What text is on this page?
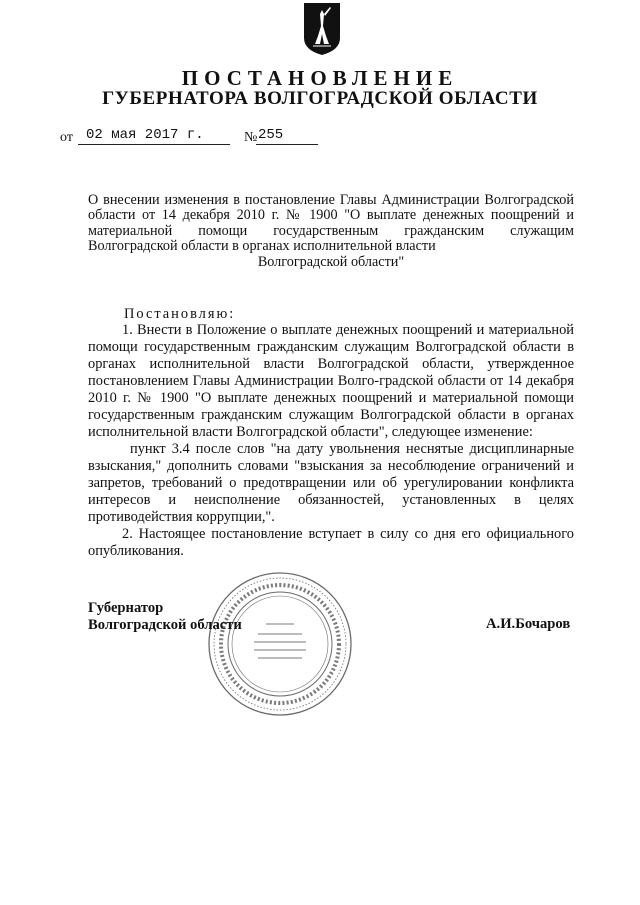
ПОСТАНОВЛЕНИЕ
ГУБЕРНАТОРА ВОЛГОГРАДСКОЙ ОБЛАСТИ
от 02 мая 2017 г.	№ 255
О внесении изменения в постановление Главы Администрации Волгоградской области от 14 декабря 2010 г. № 1900 "О выплате денежных поощрений и материальной помощи государственным гражданским служащим Волгоградской области в органах исполнительной власти
Волгоградской области"
Постановляю:

1. Внести в Положение о выплате денежных поощрений и материальной помощи государственным гражданским служащим Волгоградской области в органах исполнительной власти Волгоградской области, утвержденное постановлением Главы Администрации Волго-градской области от 14 декабря 2010 г. № 1900 "О выплате денежных поощрений и материальной помощи государственным гражданским служащим Волгоградской области в органах исполнительной власти Волгоградской области", следующее изменение:

пункт 3.4 после слов "на дату увольнения неснятые дисциплинарные взыскания," дополнить словами "взыскания за несоблюдение ограничений и запретов, требований о предотвращении или об урегулировании конфликта интересов и неисполнение обязанностей, установленных в целях противодействия коррупции,".

2. Настоящее постановление вступает в силу со дня его официального опубликования.

Губернатор
Волгоградской области	А.И.Бочаров
